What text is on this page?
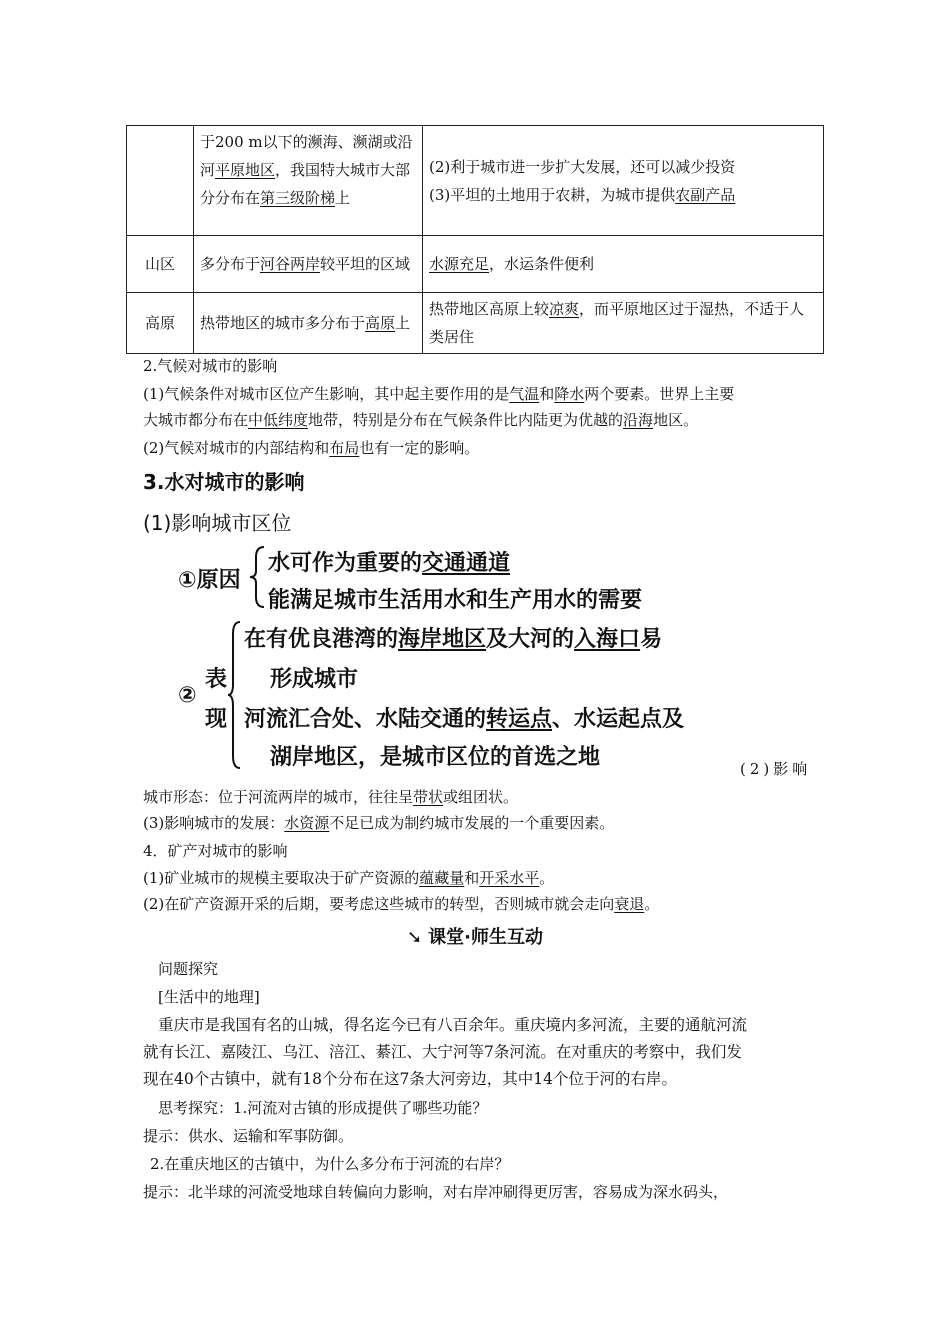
	于200 m以下的濒海、濒湖或沿河平原地区，我国特大城市大部分分布在第三级阶梯上	(2)利于城市进一步扩大发展，还可以减少投资
(3)平坦的土地用于农耕，为城市提供农副产品

山区	多分布于河谷两岸较平坦的区域	水源充足，水运条件便利
高原	热带地区的城市多分布于高原上	热带地区高原上较凉爽，而平原地区过于湿热，不适于人类居住
2.气候对城市的影响
(1)气候条件对城市区位产生影响，其中起主要作用的是气温和降水两个要素。世界上主要
大城市都分布在中低纬度地带，特别是分布在气候条件比内陆更为优越的沿海地区。
(2)气候对城市的内部结构和布局也有一定的影响。
3.水对城市的影响
(1)影响城市区位
①原因
水可作为重要的交通通道
能满足城市生活用水和生产用水的需要
②
表
现
在有优良港湾的海岸地区及大河的入海口易
形成城市
河流汇合处、水陆交通的转运点、水运起点及
湖岸地区，是城市区位的首选之地	(2)影响
城市形态：位于河流两岸的城市，往往呈带状或组团状。
(3)影响城市的发展：水资源不足已成为制约城市发展的一个重要因素。
4．矿产对城市的影响
(1)矿业城市的规模主要取决于矿产资源的蕴藏量和开采水平。
(2)在矿产资源开采的后期，要考虑这些城市的转型，否则城市就会走向衰退。
➘ 课堂·师生互动
问题探究
[生活中的地理]
重庆市是我国有名的山城，得名迄今已有八百余年。重庆境内多河流，主要的通航河流
就有长江、嘉陵江、乌江、涪江、綦江、大宁河等7条河流。在对重庆的考察中，我们发
现在40个古镇中，就有18个分布在这7条大河旁边，其中14个位于河的右岸。
思考探究：1.河流对古镇的形成提供了哪些功能？
提示：供水、运输和军事防御。
2.在重庆地区的古镇中，为什么多分布于河流的右岸？
提示：北半球的河流受地球自转偏向力影响，对右岸冲刷得更厉害，容易成为深水码头，
